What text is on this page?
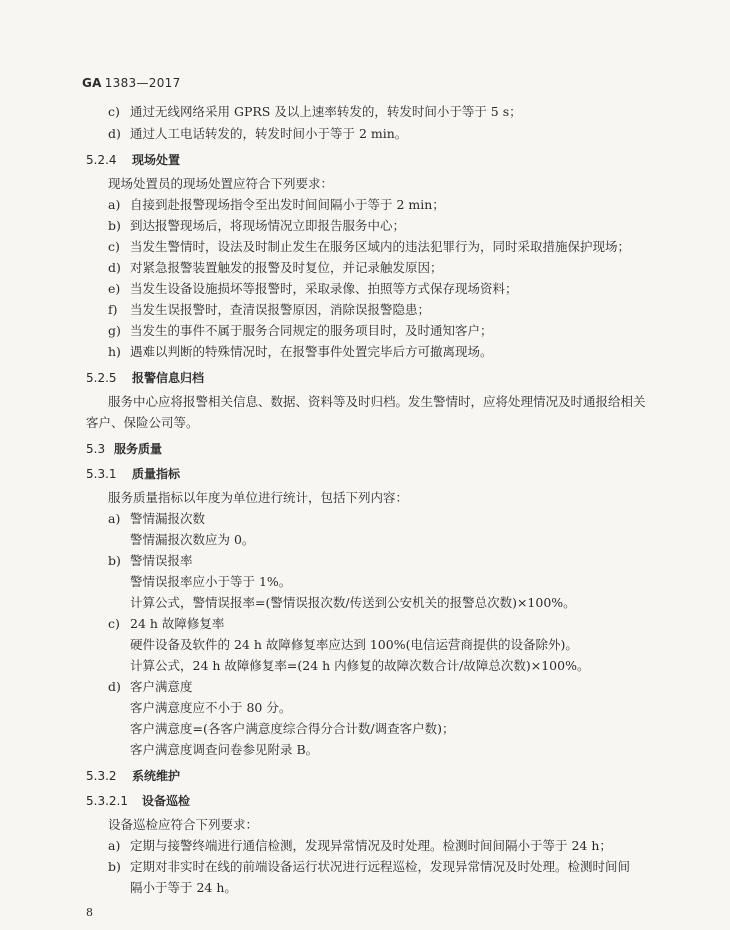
GA 1383—2017
c) 通过无线网络采用 GPRS 及以上速率转发的，转发时间小于等于 5 s；
d) 通过人工电话转发的，转发时间小于等于 2 min。
5.2.4 现场处置
现场处置员的现场处置应符合下列要求：
a) 自接到赴报警现场指令至出发时间间隔小于等于 2 min；
b) 到达报警现场后，将现场情况立即报告服务中心；
c) 当发生警情时，设法及时制止发生在服务区域内的违法犯罪行为，同时采取措施保护现场；
d) 对紧急报警装置触发的报警及时复位，并记录触发原因；
e) 当发生设备设施损坏等报警时，采取录像、拍照等方式保存现场资料；
f) 当发生误报警时，查清误报警原因，消除误报警隐患；
g) 当发生的事件不属于服务合同规定的服务项目时，及时通知客户；
h) 遇难以判断的特殊情况时，在报警事件处置完毕后方可撤离现场。
5.2.5 报警信息归档
服务中心应将报警相关信息、数据、资料等及时归档。发生警情时，应将处理情况及时通报给相关
客户、保险公司等。
5.3 服务质量
5.3.1 质量指标
服务质量指标以年度为单位进行统计，包括下列内容：
a) 警情漏报次数
警情漏报次数应为 0。
b) 警情误报率
警情误报率应小于等于 1%。
计算公式，警情误报率=(警情误报次数/传送到公安机关的报警总次数)×100%。
c) 24 h 故障修复率
硬件设备及软件的 24 h 故障修复率应达到 100%(电信运营商提供的设备除外)。
计算公式，24 h 故障修复率=(24 h 内修复的故障次数合计/故障总次数)×100%。
d) 客户满意度
客户满意度应不小于 80 分。
客户满意度=(各客户满意度综合得分合计数/调查客户数)；
客户满意度调查问卷参见附录 B。
5.3.2 系统维护
5.3.2.1 设备巡检
设备巡检应符合下列要求：
a) 定期与接警终端进行通信检测，发现异常情况及时处理。检测时间间隔小于等于 24 h；
b) 定期对非实时在线的前端设备运行状况进行远程巡检，发现异常情况及时处理。检测时间间
隔小于等于 24 h。
8
